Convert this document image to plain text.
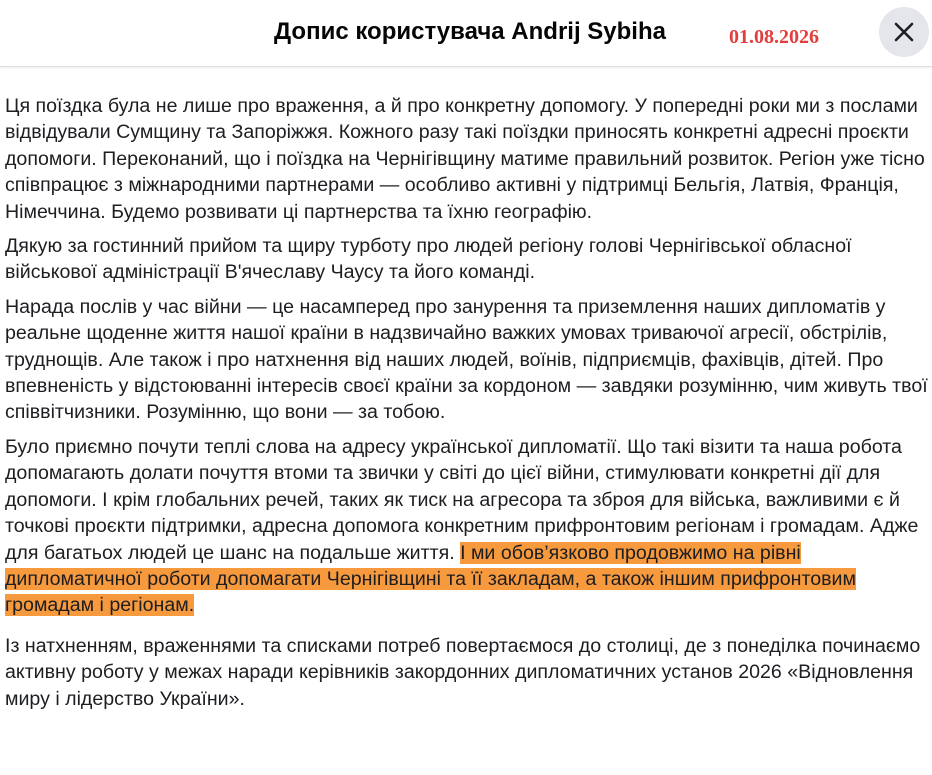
Допис користувача Andrij Sybiha	01.08.2026

Ця поїздка була не лише про враження, а й про конкретну допомогу. У попередні роки ми з послами відвідували Сумщину та Запоріжжя. Кожного разу такі поїздки приносять конкретні адресні проєкти допомоги. Переконаний, що і поїздка на Чернігівщину матиме правильний розвиток. Регіон уже тісно співпрацює з міжнародними партнерами — особливо активні у підтримці Бельгія, Латвія, Франція, Німеччина. Будемо розвивати ці партнерства та їхню географію.

Дякую за гостинний прийом та щиру турботу про людей регіону голові Чернігівської обласної військової адміністрації В'ячеславу Чаусу та його команді.

Нарада послів у час війни — це насамперед про занурення та приземлення наших дипломатів у реальне щоденне життя нашої країни в надзвичайно важких умовах триваючої агресії, обстрілів, труднощів. Але також і про натхнення від наших людей, воїнів, підприємців, фахівців, дітей. Про впевненість у відстоюванні інтересів своєї країни за кордоном — завдяки розумінню, чим живуть твої співвітчизники. Розумінню, що вони — за тобою.

Було приємно почути теплі слова на адресу української дипломатії. Що такі візити та наша робота допомагають долати почуття втоми та звички у світі до цієї війни, стимулювати конкретні дії для допомоги. І крім глобальних речей, таких як тиск на агресора та зброя для війська, важливими є й точкові проєкти підтримки, адресна допомога конкретним прифронтовим регіонам і громадам. Адже для багатьох людей це шанс на подальше життя. І ми обов’язково продовжимо на рівні дипломатичної роботи допомагати Чернігівщині та її закладам, а також іншим прифронтовим громадам і регіонам.

Із натхненням, враженнями та списками потреб повертаємося до столиці, де з понеділка починаємо активну роботу у межах наради керівників закордонних дипломатичних установ 2026 «Відновлення миру і лідерство України».
